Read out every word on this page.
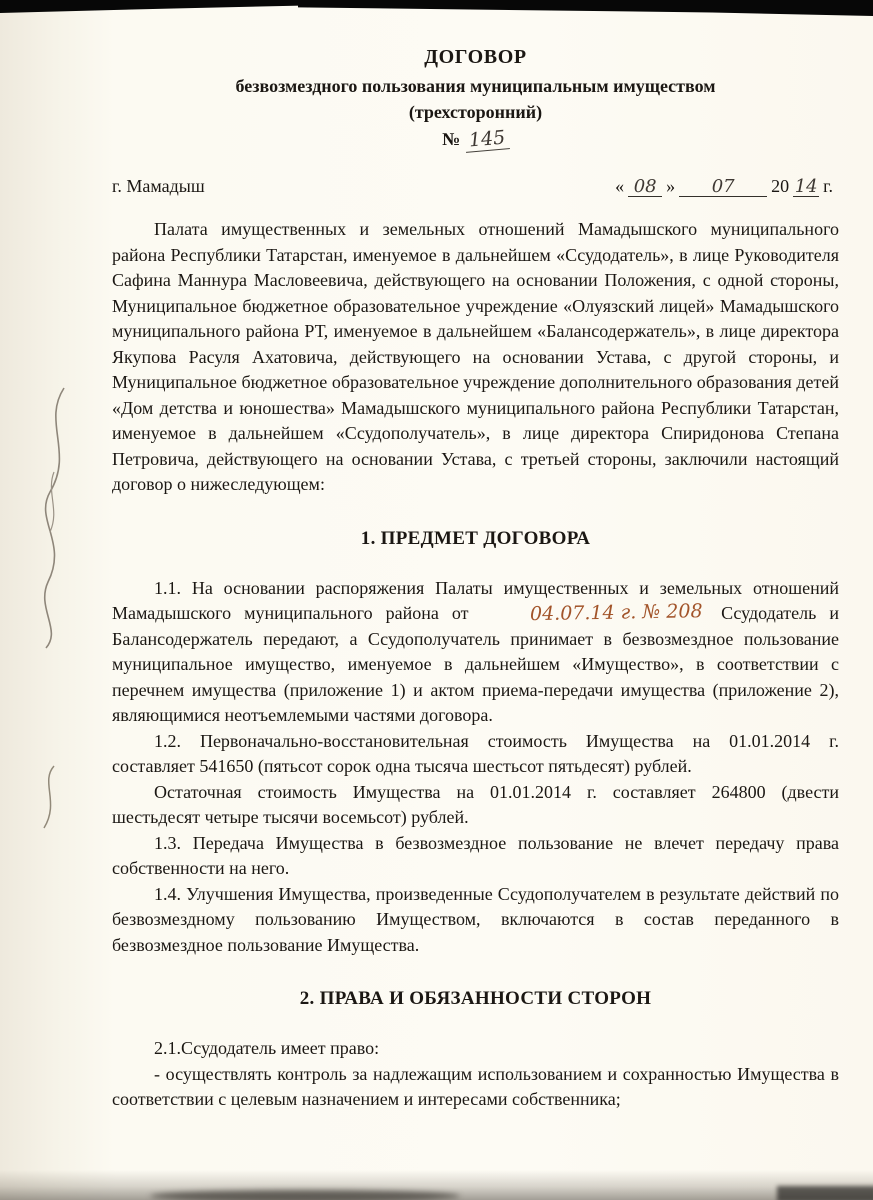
ДОГОВОР
безвозмездного пользования муниципальным имуществом
(трехсторонний)
№ 145
г. Мамадыш	« 08 »	07	20 14 г.

Палата имущественных и земельных отношений Мамадышского муниципального района Республики Татарстан, именуемое в дальнейшем «Ссудодатель», в лице Руководителя Сафина Маннура Масловеевича, действующего на основании Положения, с одной стороны, Муниципальное бюджетное образовательное учреждение «Олуязский лицей» Мамадышского муниципального района РТ, именуемое в дальнейшем «Балансодержатель», в лице директора Якупова Расуля Ахатовича, действующего на основании Устава, с другой стороны, и Муниципальное бюджетное образовательное учреждение дополнительного образования детей «Дом детства и юношества» Мамадышского муниципального района Республики Татарстан, именуемое в дальнейшем «Ссудополучатель», в лице директора Спиридонова Степана Петровича, действующего на основании Устава, с третьей стороны, заключили настоящий договор о нижеследующем:

1. ПРЕДМЕТ ДОГОВОРА

1.1. На основании распоряжения Палаты имущественных и земельных отношений Мамадышского муниципального района от	04.07.14 г. № 208 Ссудодатель и Балансодержатель передают, а Ссудополучатель принимает в безвозмездное пользование муниципальное имущество, именуемое в дальнейшем «Имущество», в соответствии с перечнем имущества (приложение 1) и актом приема-передачи имущества (приложение 2), являющимися неотъемлемыми частями договора.

1.2. Первоначально-восстановительная стоимость Имущества на 01.01.2014 г. составляет 541650 (пятьсот сорок одна тысяча шестьсот пятьдесят) рублей.

Остаточная стоимость Имущества на 01.01.2014 г. составляет 264800 (двести шестьдесят четыре тысячи восемьсот) рублей.

1.3. Передача Имущества в безвозмездное пользование не влечет передачу права собственности на него.

1.4. Улучшения Имущества, произведенные Ссудополучателем в результате действий по безвозмездному пользованию Имуществом, включаются в состав переданного в безвозмездное пользование Имущества.

2. ПРАВА И ОБЯЗАННОСТИ СТОРОН

2.1.Ссудодатель имеет право:

- осуществлять контроль за надлежащим использованием и сохранностью Имущества в соответствии с целевым назначением и интересами собственника;
